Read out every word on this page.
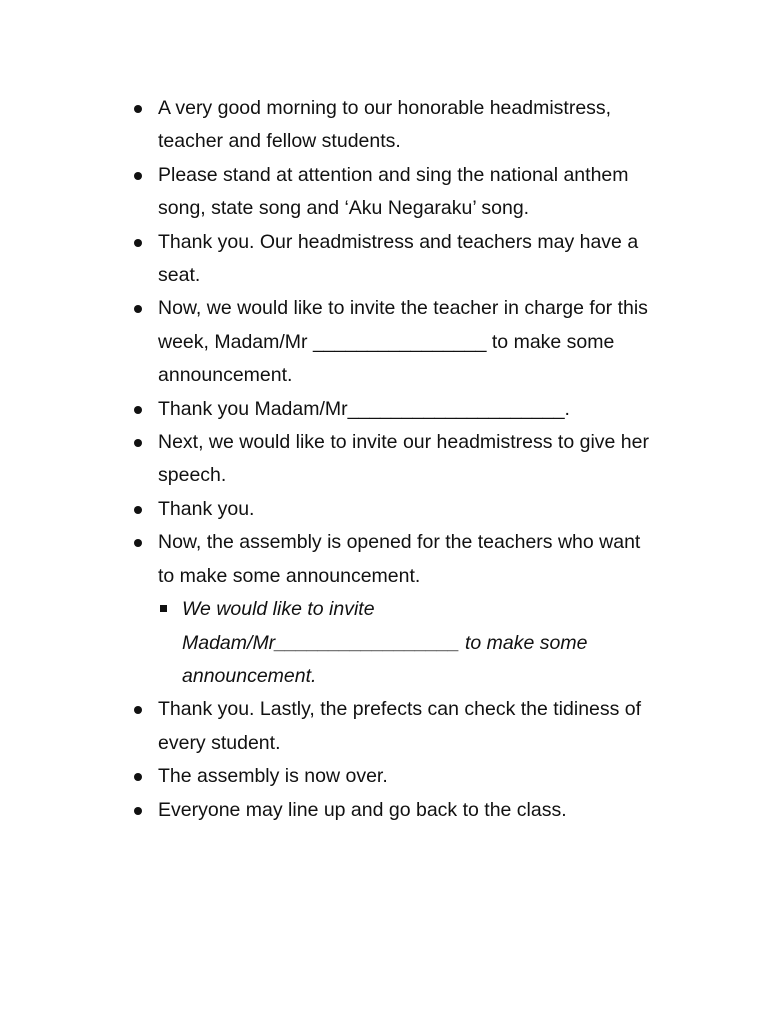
A very good morning to our honorable headmistress, teacher and fellow students.
Please stand at attention and sing the national anthem song, state song and ‘Aku Negaraku’ song.
Thank you. Our headmistress and teachers may have a seat.
Now, we would like to invite the teacher in charge for this week, Madam/Mr ________________ to make some announcement.
Thank you Madam/Mr____________________.
Next, we would like to invite our headmistress to give her speech.
Thank you.
Now, the assembly is opened for the teachers who want to make some announcement.
We would like to invite Madam/Mr_________________ to make some announcement.
Thank you. Lastly, the prefects can check the tidiness of every student.
The assembly is now over.
Everyone may line up and go back to the class.
